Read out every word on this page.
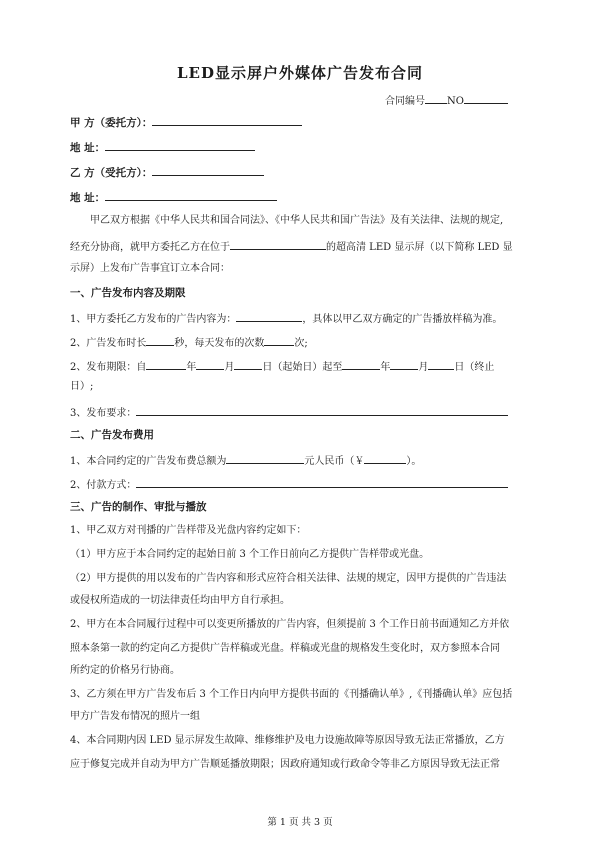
LED显示屏户外媒体广告发布合同
合同编号 NO
甲 方（委托方）：
地 址：
乙 方（受托方）：
地 址：
甲乙双方根据《中华人民共和国合同法》、《中华人民共和国广告法》及有关法律、法规的规定,
经充分协商，就甲方委托乙方在位于	的超高清 LED 显示屏（以下简称 LED 显
示屏）上发布广告事宜订立本合同：
一、广告发布内容及期限
1、甲方委托乙方发布的广告内容为：	，具体以甲乙双方确定的广告播放样稿为准。
2、广告发布时长	秒，每天发布的次数	次;
2、发布期限：自	年	月	日（起始日）起至	年	月	日（终止
日）;
3、发布要求：
二、广告发布费用
1、本合同约定的广告发布费总额为	元人民币（￥	）。
2、付款方式：
三、广告的制作、审批与播放
1、甲乙双方对刊播的广告样带及光盘内容约定如下：
（1）甲方应于本合同约定的起始日前 3 个工作日前向乙方提供广告样带或光盘。
（2）甲方提供的用以发布的广告内容和形式应符合相关法律、法规的规定，因甲方提供的广告违法
或侵权所造成的一切法律责任均由甲方自行承担。
2、甲方在本合同履行过程中可以变更所播放的广告内容，但须提前 3 个工作日前书面通知乙方并依
照本条第一款的约定向乙方提供广告样稿或光盘。样稿或光盘的规格发生变化时，双方参照本合同
所约定的价格另行协商。
3、乙方须在甲方广告发布后 3 个工作日内向甲方提供书面的《刊播确认单》,《刊播确认单》应包括
甲方广告发布情况的照片一组
4、本合同期内因 LED 显示屏发生故障、维修维护及电力设施故障等原因导致无法正常播放，乙方
应于修复完成并自动为甲方广告顺延播放期限；因政府通知或行政命令等非乙方原因导致无法正常
第 1 页 共 3 页
